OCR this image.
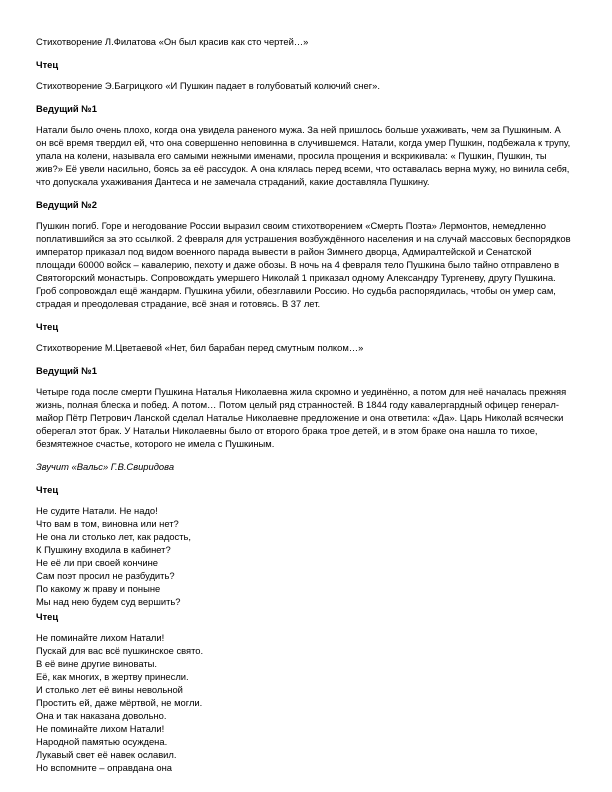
Стихотворение Л.Филатова «Он был красив как сто чертей…»

Чтец

Стихотворение Э.Багрицкого «И Пушкин падает в голубоватый колючий снег».

Ведущий №1

Натали было очень плохо, когда она увидела раненого мужа. За ней пришлось больше ухаживать, чем за Пушкиным. А он всё время твердил ей, что она совершенно неповинна в случившемся. Натали, когда умер Пушкин, подбежала к трупу, упала на колени, называла его самыми нежными именами, просила прощения и вскрикивала: « Пушкин, Пушкин, ты жив?» Её увели насильно, боясь за её рассудок. А она клялась перед всеми, что оставалась верна мужу, но винила себя, что допускала ухаживания Дантеса и не замечала страданий, какие доставляла Пушкину.

Ведущий №2

Пушкин погиб. Горе и негодование России выразил своим стихотворением «Смерть Поэта» Лермонтов, немедленно поплатившийся за это ссылкой. 2 февраля для устрашения возбуждённого населения и на случай массовых беспорядков император приказал под видом военного парада вывести в район Зимнего дворца, Адмиралтейской и Сенатской площади 60000 войск – кавалерию, пехоту и даже обозы. В ночь на 4 февраля тело Пушкина было тайно отправлено в Святогорский монастырь. Сопровождать умершего Николай 1 приказал одному Александру Тургеневу, другу Пушкина. Гроб сопровождал ещё жандарм. Пушкина убили, обезглавили Россию. Но судьба распорядилась, чтобы он умер сам, страдая и преодолевая страдание, всё зная и готовясь. В 37 лет.

Чтец

Стихотворение М.Цветаевой «Нет, бил барабан перед смутным полком…»

Ведущий №1

Четыре года после смерти Пушкина Наталья Николаевна жила скромно и уединённо, а потом для неё началась прежняя жизнь, полная блеска и побед. А потом… Потом целый ряд странностей. В 1844 году кавалергардный офицер генерал-майор Пётр Петрович Ланской сделал Наталье Николаевне предложение и она ответила: «Да». Царь Николай всячески оберегал этот брак. У Натальи Николаевны было от второго брака трое детей, и в этом браке она нашла то тихое, безмятежное счастье, которого не имела с Пушкиным.

Звучит «Вальс» Г.В.Свиридова

Чтец

Не судите Натали. Не надо!
Что вам в том, виновна или нет?
Не она ли столько лет, как радость,
К Пушкину входила в кабинет?
Не её ли при своей кончине
Сам поэт просил не разбудить?
По какому ж праву и поныне
Мы над нею будем суд вершить?

Чтец

Не поминайте лихом Натали!
Пускай для вас всё пушкинское свято.
В её вине другие виноваты.
Её, как многих, в жертву принесли.
И столько лет её вины невольной
Простить ей, даже мёртвой, не могли.
Она и так наказана довольно.
Не поминайте лихом Натали!
Народной памятью осуждена.
Лукавый свет её навек ославил.
Но вспомните – оправдана она
